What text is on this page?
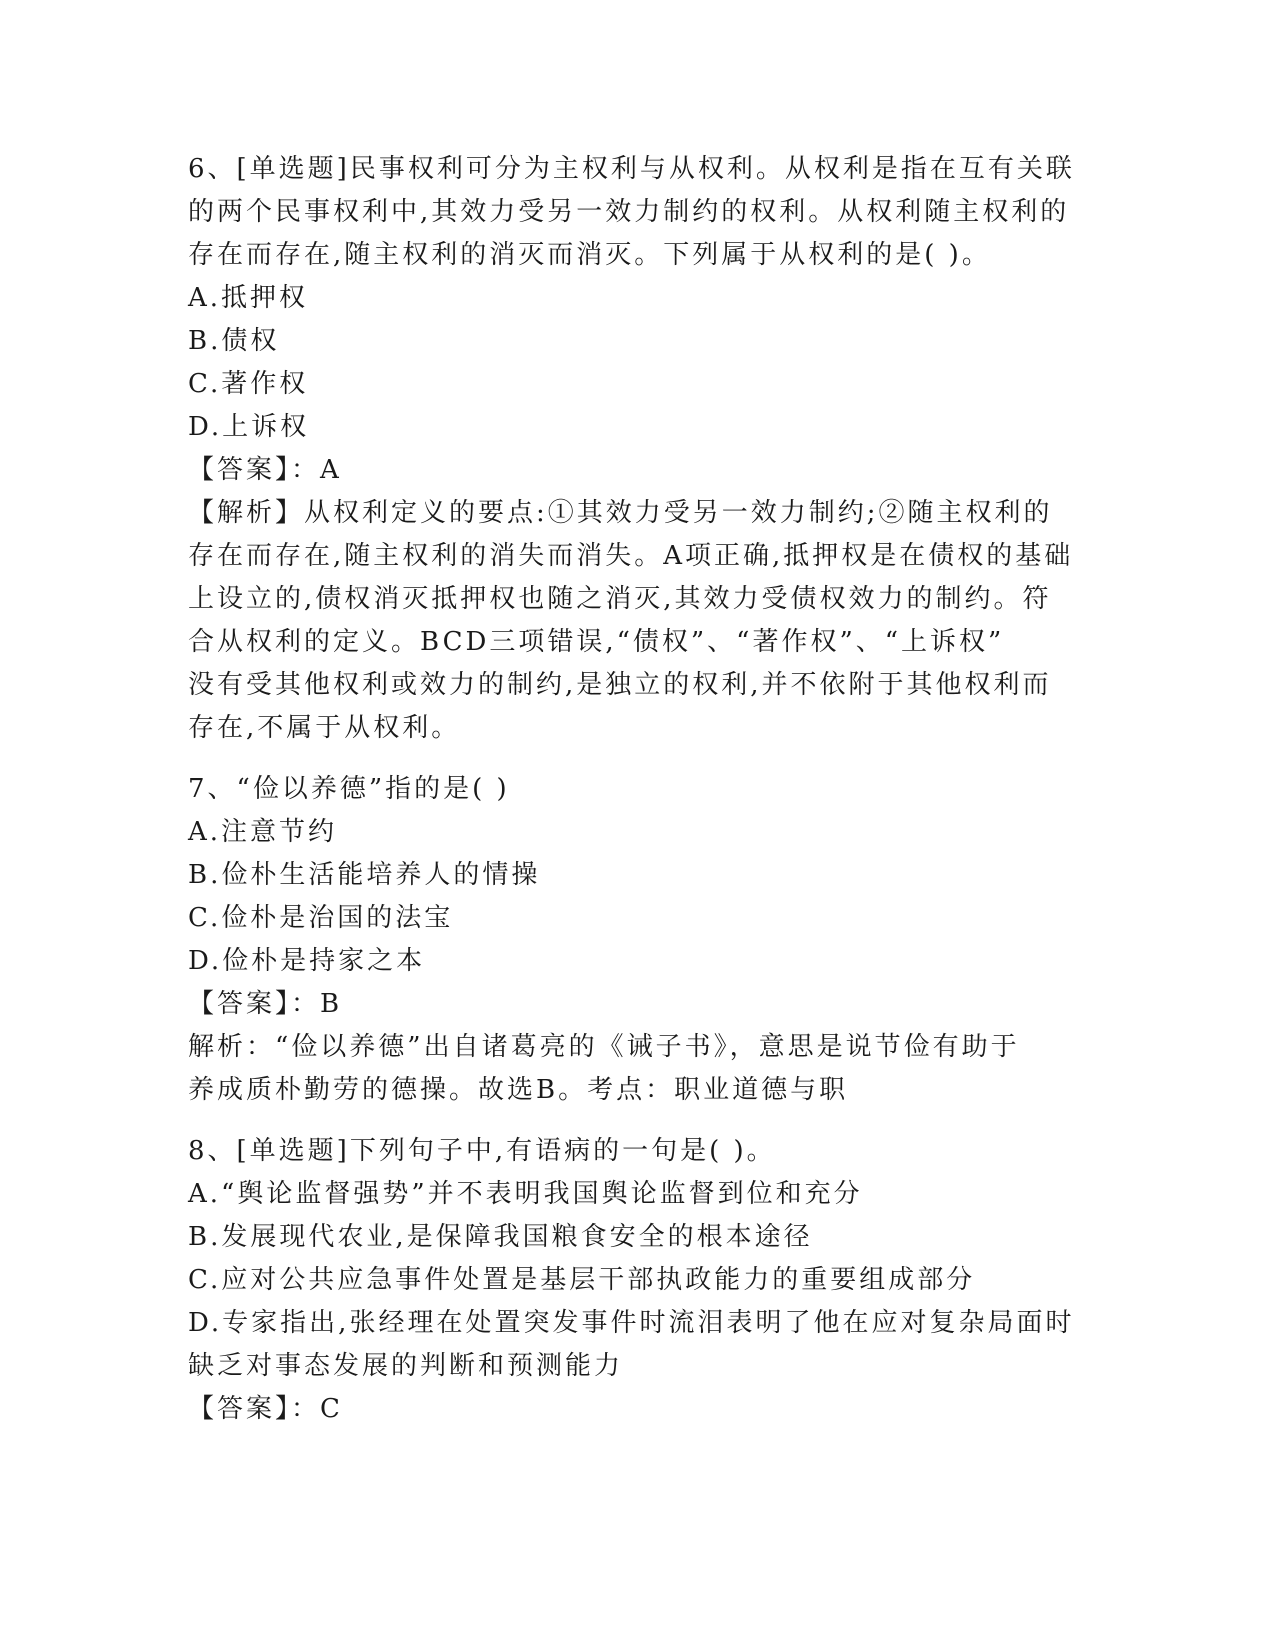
6、[单选题]民事权利可分为主权利与从权利。从权利是指在互有关联

的两个民事权利中,其效力受另一效力制约的权利。从权利随主权利的

存在而存在,随主权利的消灭而消灭。下列属于从权利的是( )。

A.抵押权

B.债权

C.著作权

D.上诉权

【答案】：A

【解析】从权利定义的要点:①其效力受另一效力制约;②随主权利的

存在而存在,随主权利的消失而消失。A项正确,抵押权是在债权的基础

上设立的,债权消灭抵押权也随之消灭,其效力受债权效力的制约。符

合从权利的定义。BCD三项错误,“债权”、“著作权”、“上诉权”

没有受其他权利或效力的制约,是独立的权利,并不依附于其他权利而

存在,不属于从权利。

7、“俭以养德”指的是( )

A.注意节约

B.俭朴生活能培养人的情操

C.俭朴是治国的法宝

D.俭朴是持家之本

【答案】：B

解析：“俭以养德”出自诸葛亮的《诫子书》，意思是说节俭有助于

养成质朴勤劳的德操。故选B。考点：职业道德与职

8、[单选题]下列句子中,有语病的一句是( )。

A.“舆论监督强势”并不表明我国舆论监督到位和充分

B.发展现代农业,是保障我国粮食安全的根本途径

C.应对公共应急事件处置是基层干部执政能力的重要组成部分

D.专家指出,张经理在处置突发事件时流泪表明了他在应对复杂局面时

缺乏对事态发展的判断和预测能力

【答案】：C
